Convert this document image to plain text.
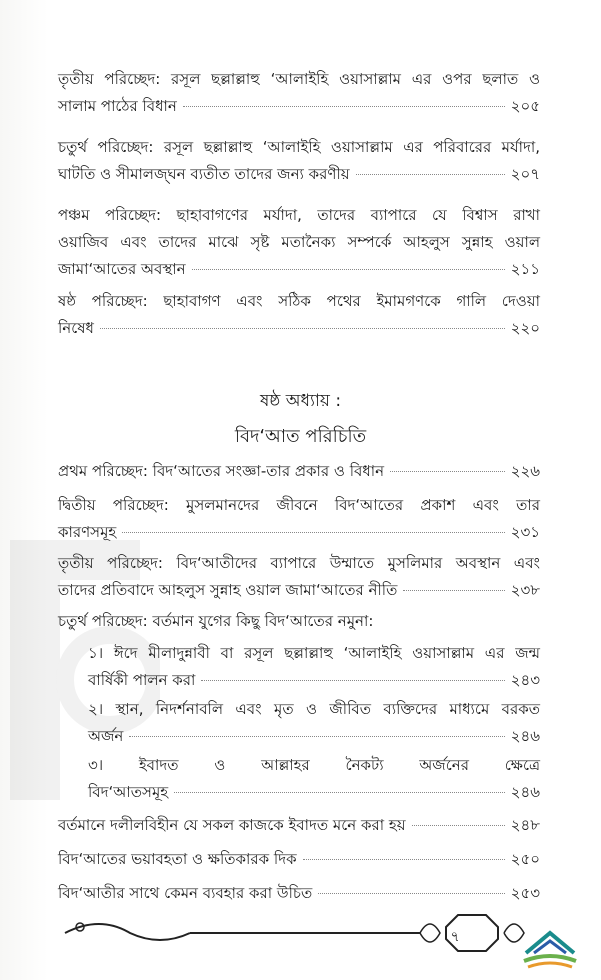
তৃতীয় পরিচ্ছেদ: রসূল ছল্লাল্লাহু ‘আলাইহি ওয়াসাল্লাম এর ওপর ছলাত ও
সালাম পাঠের বিধান	২০৫
চতুর্থ পরিচ্ছেদ: রসূল ছল্লাল্লাহু ‘আলাইহি ওয়াসাল্লাম এর পরিবারের মর্যাদা,
ঘাটতি ও সীমালজ্ঘন ব্যতীত তাদের জন্য করণীয়	২০৭
পঞ্চম পরিচ্ছেদ: ছাহাবাগণের মর্যাদা, তাদের ব্যাপারে যে বিশ্বাস রাখা
ওয়াজিব এবং তাদের মাঝে সৃষ্ট মতানৈক্য সম্পর্কে আহলুস সুন্নাহ ওয়াল
জামা‘আতের অবস্থান	২১১
ষষ্ঠ পরিচ্ছেদ: ছাহাবাগণ এবং সঠিক পথের ইমামগণকে গালি দেওয়া
নিষেধ	২২০
ষষ্ঠ অধ্যায় :
বিদ‘আত পরিচিতি
প্রথম পরিচ্ছেদ: বিদ‘আতের সংজ্ঞা-তার প্রকার ও বিধান	২২৬
দ্বিতীয় পরিচ্ছেদ: মুসলমানদের জীবনে বিদ‘আতের প্রকাশ এবং তার
কারণসমূহ	২৩১
তৃতীয় পরিচ্ছেদ: বিদ‘আতীদের ব্যাপারে উম্মাতে মুসলিমার অবস্থান এবং
তাদের প্রতিবাদে আহলুস সুন্নাহ ওয়াল জামা‘আতের নীতি	২৩৮
চতুর্থ পরিচ্ছেদ: বর্তমান যুগের কিছু বিদ‘আতের নমুনা:
১। ঈদে মীলাদুন্নাবী বা রসূল ছল্লাল্লাহু ‘আলাইহি ওয়াসাল্লাম এর জন্ম
বার্ষিকী পালন করা	২৪৩
২। স্থান, নিদর্শনাবলি এবং মৃত ও জীবিত ব্যক্তিদের মাধ্যমে বরকত
অর্জন	২৪৬
৩। ইবাদত ও আল্লাহর নৈকট্য অর্জনের ক্ষেত্রে
বিদ‘আতসমূহ	২৪৬
বর্তমানে দলীলবিহীন যে সকল কাজকে ইবাদত মনে করা হয়	২৪৮
বিদ‘আতের ভয়াবহতা ও ক্ষতিকারক দিক	২৫০
বিদ‘আতীর সাথে কেমন ব্যবহার করা উচিত	২৫৩
৭
